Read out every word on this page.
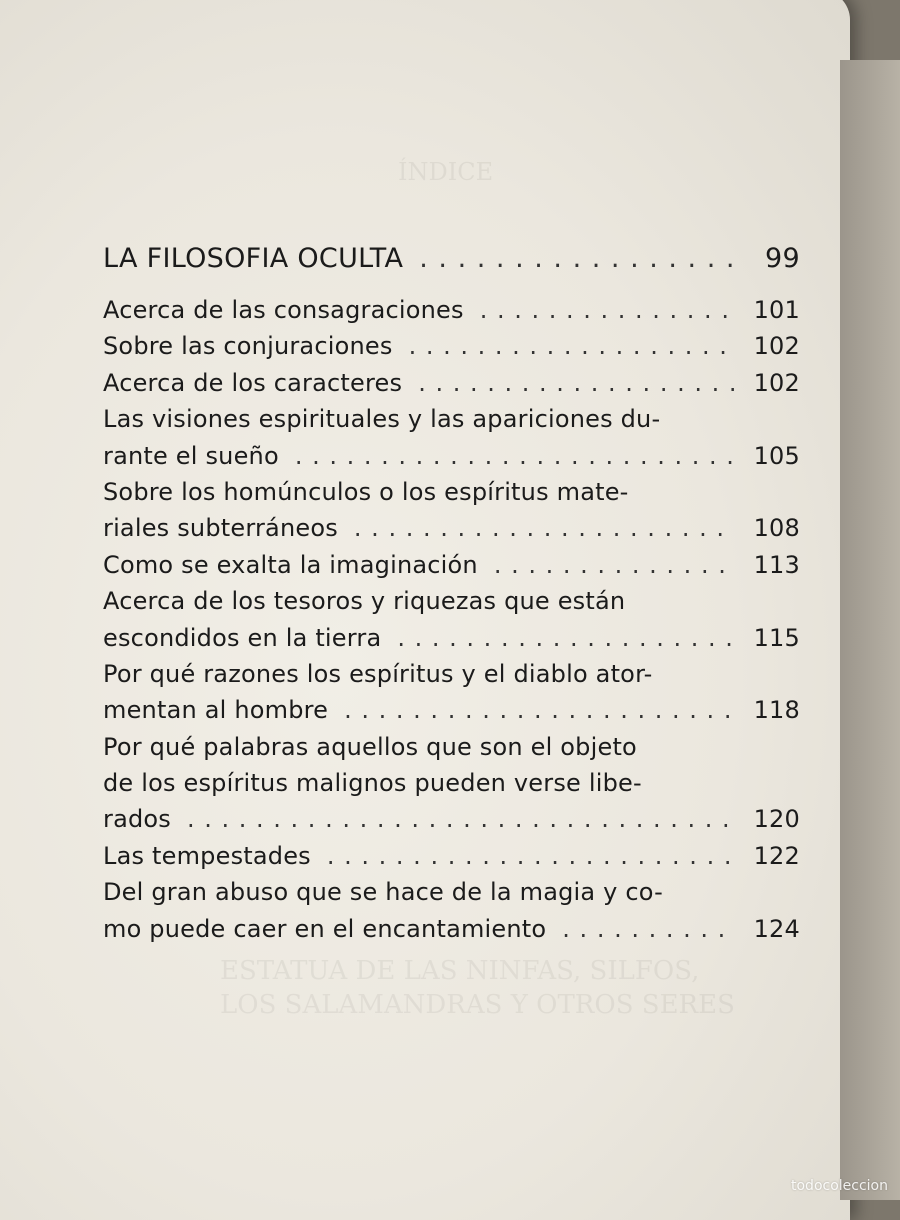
ÍNDICE
ESTATUA DE LAS NINFAS, SILFOS,
LOS SALAMANDRAS Y OTROS SERES
LA FILOSOFIA OCULTA . . .	99
Acerca de las consagraciones . . .	101
Sobre las conjuraciones . . .	102
Acerca de los caracteres . . .	102
Las visiones espirituales y las apariciones du-
rante el sueño . . .	105
Sobre los homúnculos o los espíritus mate-
riales subterráneos . . .	108
Como se exalta la imaginación . . .	113
Acerca de los tesoros y riquezas que están
escondidos en la tierra . . .	115
Por qué razones los espíritus y el diablo ator-
mentan al hombre . . .	118
Por qué palabras aquellos que son el objeto
de los espíritus malignos pueden verse libe-
rados . . .	120
Las tempestades . . .	122
Del gran abuso que se hace de la magia y co-
mo puede caer en el encantamiento . . .	124
todocoleccion
